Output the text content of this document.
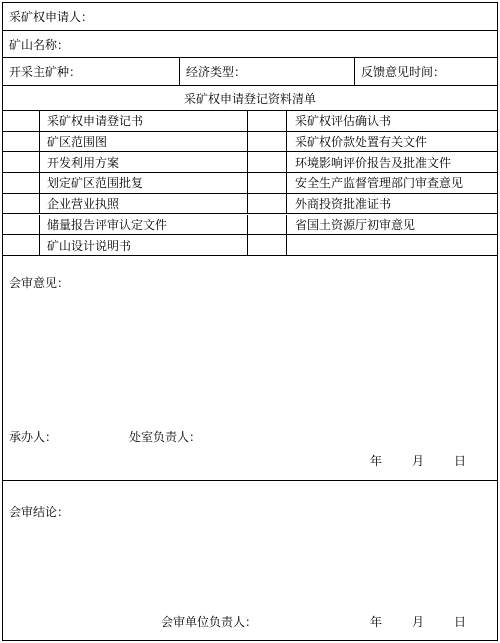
采矿权申请人：
矿山名称：
开采主矿种：	经济类型：	反馈意见时间：
采矿权申请登记资料清单
采矿权申请登记书	采矿权评估确认书
矿区范围图	采矿权价款处置有关文件
开发利用方案	环境影响评价报告及批准文件
划定矿区范围批复	安全生产监督管理部门审查意见
企业营业执照	外商投资批准证书
储量报告评审认定文件	省国土资源厅初审意见
矿山设计说明书
会审意见：
承办人：	处室负责人：
年 月 日
会审结论：
会审单位负责人：	年 月 日
